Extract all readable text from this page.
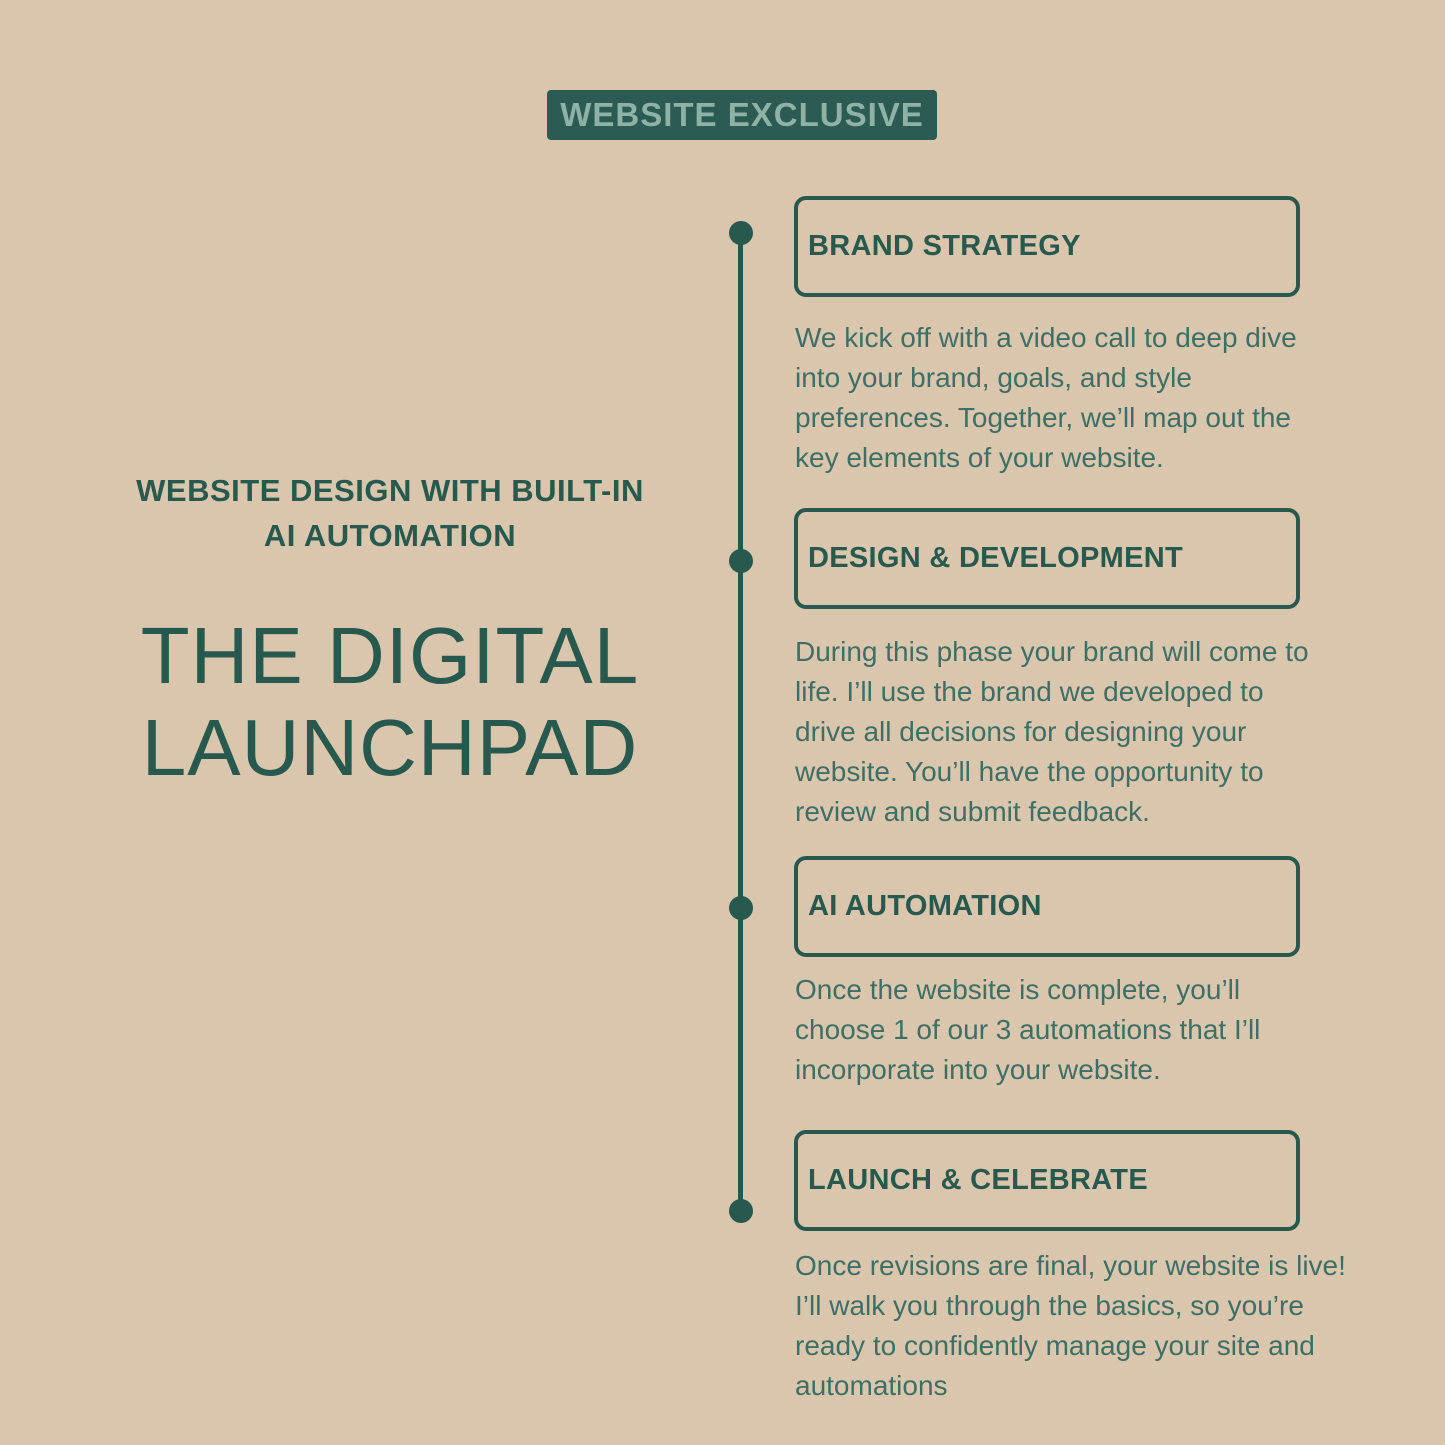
WEBSITE EXCLUSIVE
WEBSITE DESIGN WITH BUILT-IN
AI AUTOMATION
THE DIGITAL
LAUNCHPAD
BRAND STRATEGY

We kick off with a video call to deep dive into your brand, goals, and style preferences. Together, we’ll map out the key elements of your website.

DESIGN & DEVELOPMENT

During this phase your brand will come to life. I’ll use the brand we developed to drive all decisions for designing your website. You’ll have the opportunity to review and submit feedback.

AI AUTOMATION

Once the website is complete, you’ll choose 1 of our 3 automations that I’ll incorporate into your website.

LAUNCH & CELEBRATE

Once revisions are final, your website is live! I’ll walk you through the basics, so you’re ready to confidently manage your site and automations
